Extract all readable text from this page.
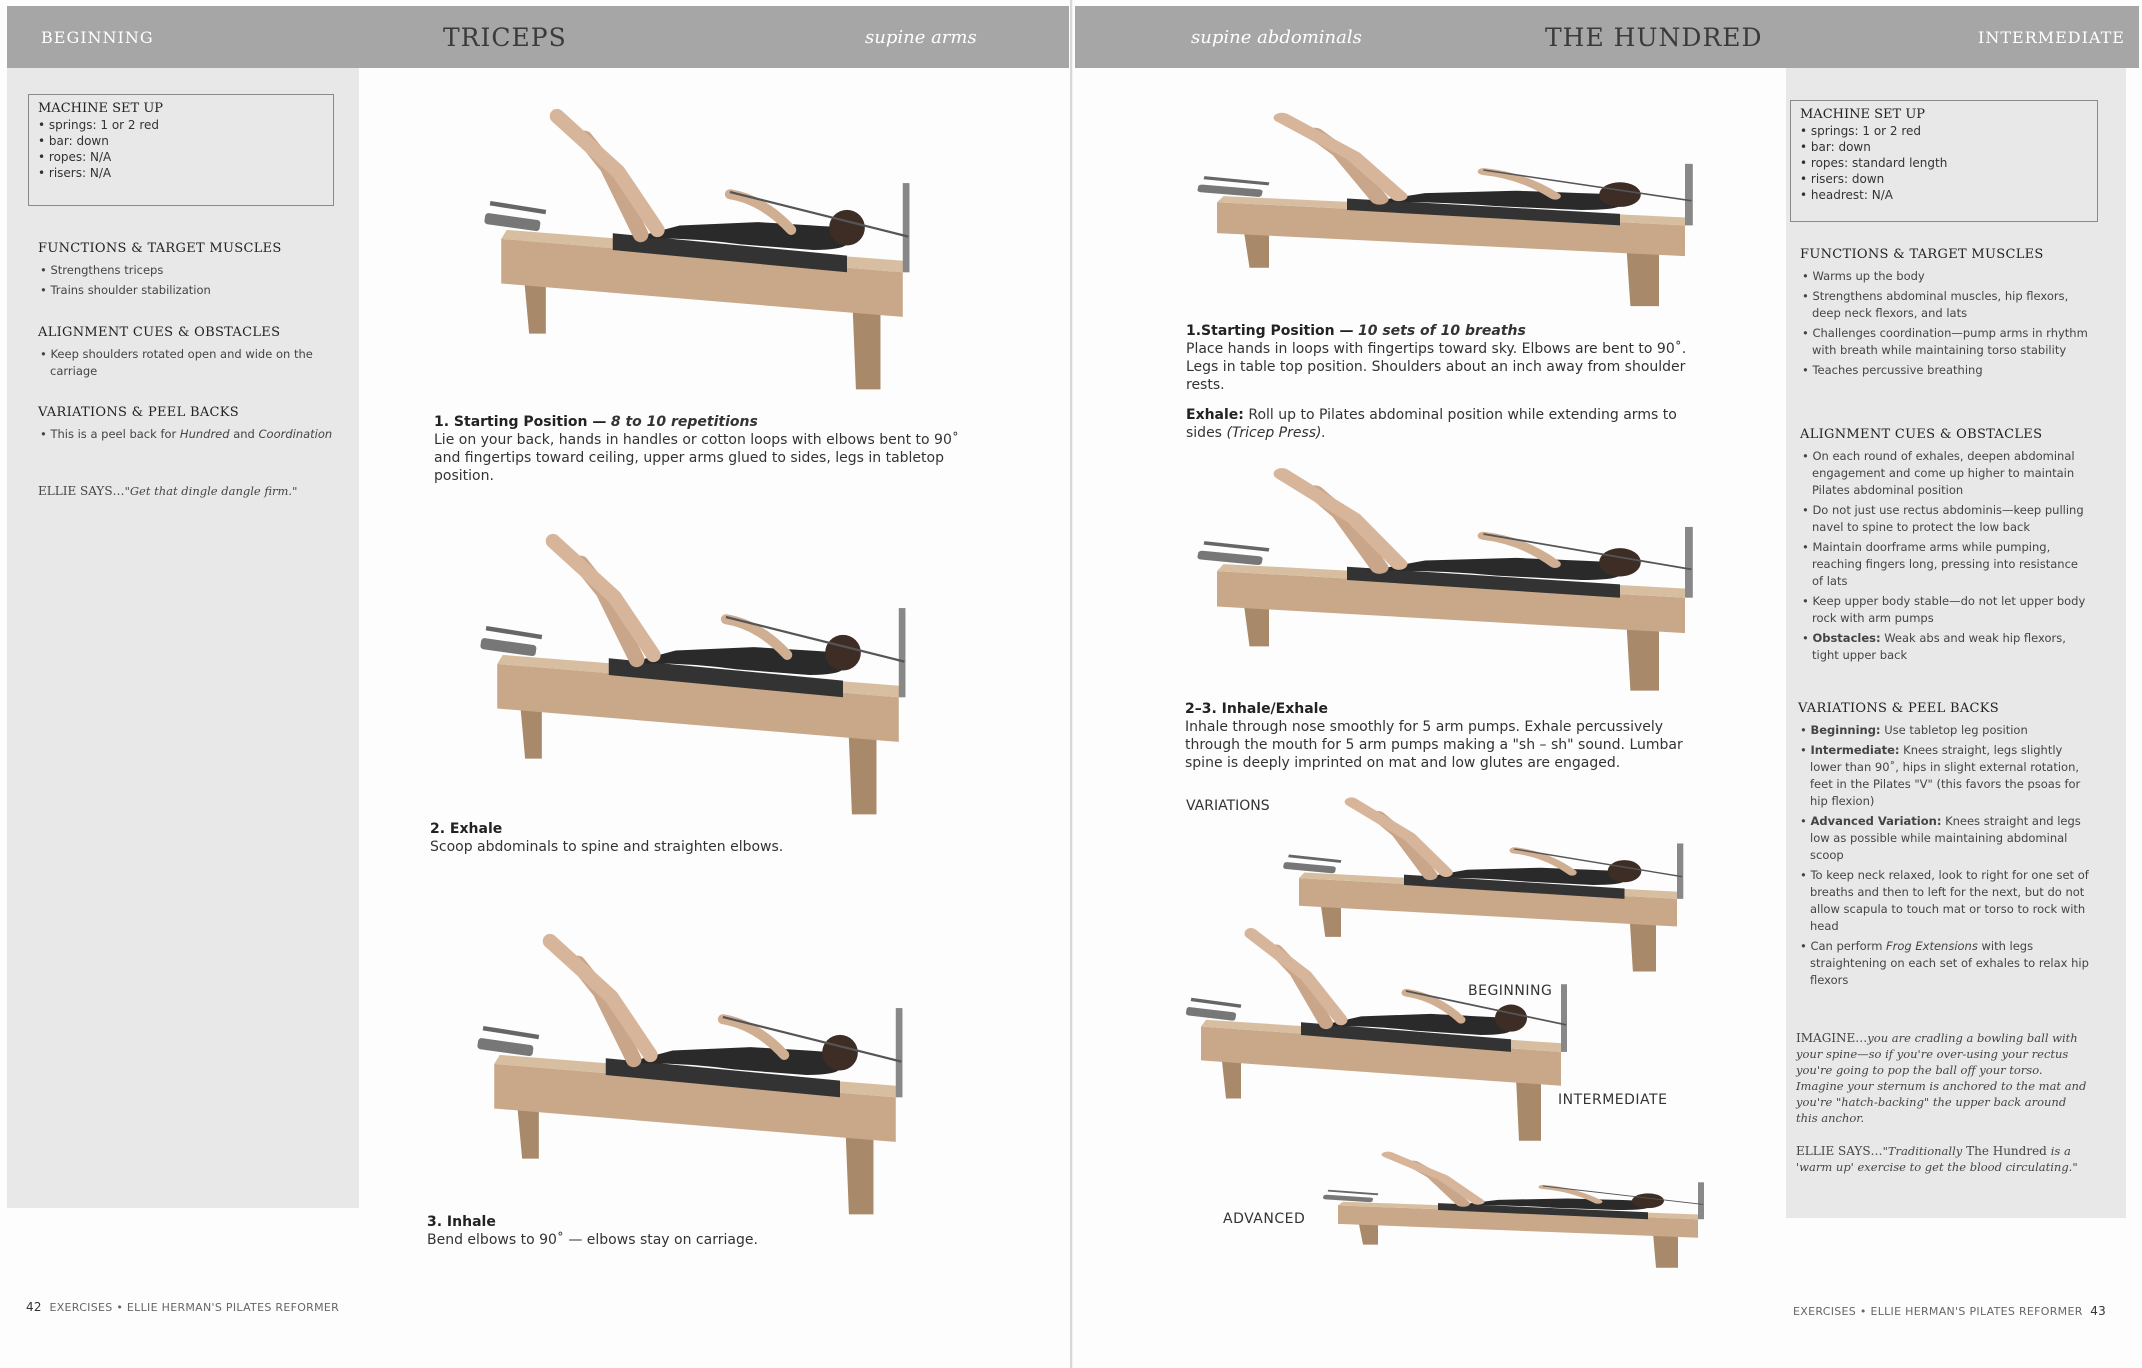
BEGINNING	TRICEPS	supine arms
MACHINE SET UP
• springs: 1 or 2 red
• bar: down
• ropes: N/A
• risers: N/A
FUNCTIONS & TARGET MUSCLES
• Strengthens triceps
• Trains shoulder stabilization
ALIGNMENT CUES & OBSTACLES
• Keep shoulders rotated open and wide on the carriage
VARIATIONS & PEEL BACKS
• This is a peel back for Hundred and Coordination
ELLIE SAYS…"Get that dingle dangle firm."
1. Starting Position — 8 to 10 repetitions
Lie on your back, hands in handles or cotton loops with elbows bent to 90˚ and fingertips toward ceiling, upper arms glued to sides, legs in tabletop position.
2. Exhale
Scoop abdominals to spine and straighten elbows.
3. Inhale
Bend elbows to 90˚ — elbows stay on carriage.
42 EXERCISES • ELLIE HERMAN'S PILATES REFORMER
supine abdominals	THE HUNDRED	INTERMEDIATE
MACHINE SET UP
• springs: 1 or 2 red
• bar: down
• ropes: standard length
• risers: down
• headrest: N/A
FUNCTIONS & TARGET MUSCLES
• Warms up the body
• Strengthens abdominal muscles, hip flexors, deep neck flexors, and lats
• Challenges coordination—pump arms in rhythm with breath while maintaining torso stability
• Teaches percussive breathing
ALIGNMENT CUES & OBSTACLES
• On each round of exhales, deepen abdominal engagement and come up higher to maintain Pilates abdominal position
• Do not just use rectus abdominis—keep pulling navel to spine to protect the low back
• Maintain doorframe arms while pumping, reaching fingers long, pressing into resistance of lats
• Keep upper body stable—do not let upper body rock with arm pumps
• Obstacles: Weak abs and weak hip flexors, tight upper back
VARIATIONS & PEEL BACKS
• Beginning: Use tabletop leg position
• Intermediate: Knees straight, legs slightly lower than 90˚, hips in slight external rotation, feet in the Pilates "V" (this favors the psoas for hip flexion)
• Advanced Variation: Knees straight and legs low as possible while maintaining abdominal scoop
• To keep neck relaxed, look to right for one set of breaths and then to left for the next, but do not allow scapula to touch mat or torso to rock with head
• Can perform Frog Extensions with legs straightening on each set of exhales to relax hip flexors
IMAGINE…you are cradling a bowling ball with your spine—so if you're over-using your rectus you're going to pop the ball off your torso. Imagine your sternum is anchored to the mat and you're "hatch-backing" the upper back around this anchor.
ELLIE SAYS…"Traditionally The Hundred is a 'warm up' exercise to get the blood circulating."
1.Starting Position — 10 sets of 10 breaths
Place hands in loops with fingertips toward sky. Elbows are bent to 90˚. Legs in table top position. Shoulders about an inch away from shoulder rests.
Exhale: Roll up to Pilates abdominal position while extending arms to sides (Tricep Press).
2–3. Inhale/Exhale
Inhale through nose smoothly for 5 arm pumps. Exhale percussively through the mouth for 5 arm pumps making a "sh – sh" sound. Lumbar spine is deeply imprinted on mat and low glutes are engaged.
VARIATIONS
BEGINNING
INTERMEDIATE
ADVANCED
EXERCISES • ELLIE HERMAN'S PILATES REFORMER 43
